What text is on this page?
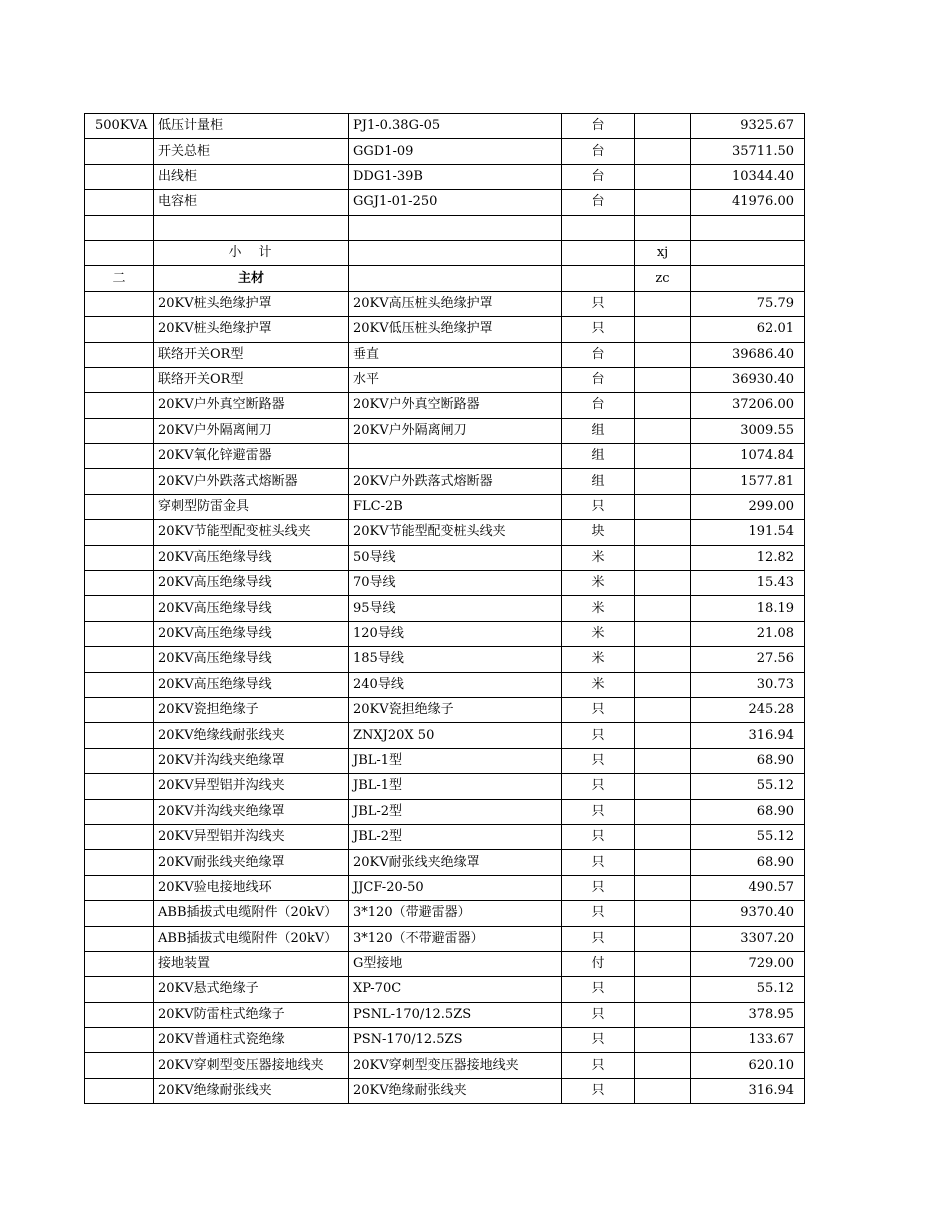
500KVA	低压计量柜	PJ1-0.38G-05	台		9325.67
	开关总柜	GGD1-09	台		35711.50
	出线柜	DDG1-39B	台		10344.40
	电容柜	GGJ1-01-250	台		41976.00

	小　计			xj	
二	主材			zc	
	20KV桩头绝缘护罩	20KV高压桩头绝缘护罩	只		75.79
	20KV桩头绝缘护罩	20KV低压桩头绝缘护罩	只		62.01
	联络开关OR型	垂直	台		39686.40
	联络开关OR型	水平	台		36930.40
	20KV户外真空断路器	20KV户外真空断路器	台		37206.00
	20KV户外隔离闸刀	20KV户外隔离闸刀	组		3009.55
	20KV氧化锌避雷器		组		1074.84
	20KV户外跌落式熔断器	20KV户外跌落式熔断器	组		1577.81
	穿刺型防雷金具	FLC-2B	只		299.00
	20KV节能型配变桩头线夹	20KV节能型配变桩头线夹	块		191.54
	20KV高压绝缘导线	50导线	米		12.82
	20KV高压绝缘导线	70导线	米		15.43
	20KV高压绝缘导线	95导线	米		18.19
	20KV高压绝缘导线	120导线	米		21.08
	20KV高压绝缘导线	185导线	米		27.56
	20KV高压绝缘导线	240导线	米		30.73
	20KV瓷担绝缘子	20KV瓷担绝缘子	只		245.28
	20KV绝缘线耐张线夹	ZNXJ20X 50	只		316.94
	20KV并沟线夹绝缘罩	JBL-1型	只		68.90
	20KV异型铝并沟线夹	JBL-1型	只		55.12
	20KV并沟线夹绝缘罩	JBL-2型	只		68.90
	20KV异型铝并沟线夹	JBL-2型	只		55.12
	20KV耐张线夹绝缘罩	20KV耐张线夹绝缘罩	只		68.90
	20KV验电接地线环	JJCF-20-50	只		490.57
	ABB插拔式电缆附件（20kV）	3*120（带避雷器）	只		9370.40
	ABB插拔式电缆附件（20kV）	3*120（不带避雷器）	只		3307.20
	接地装置	G型接地	付		729.00
	20KV悬式绝缘子	XP-70C	只		55.12
	20KV防雷柱式绝缘子	PSNL-170/12.5ZS	只		378.95
	20KV普通柱式瓷绝缘	PSN-170/12.5ZS	只		133.67
	20KV穿刺型变压器接地线夹	20KV穿刺型变压器接地线夹	只		620.10
	20KV绝缘耐张线夹	20KV绝缘耐张线夹	只		316.94
